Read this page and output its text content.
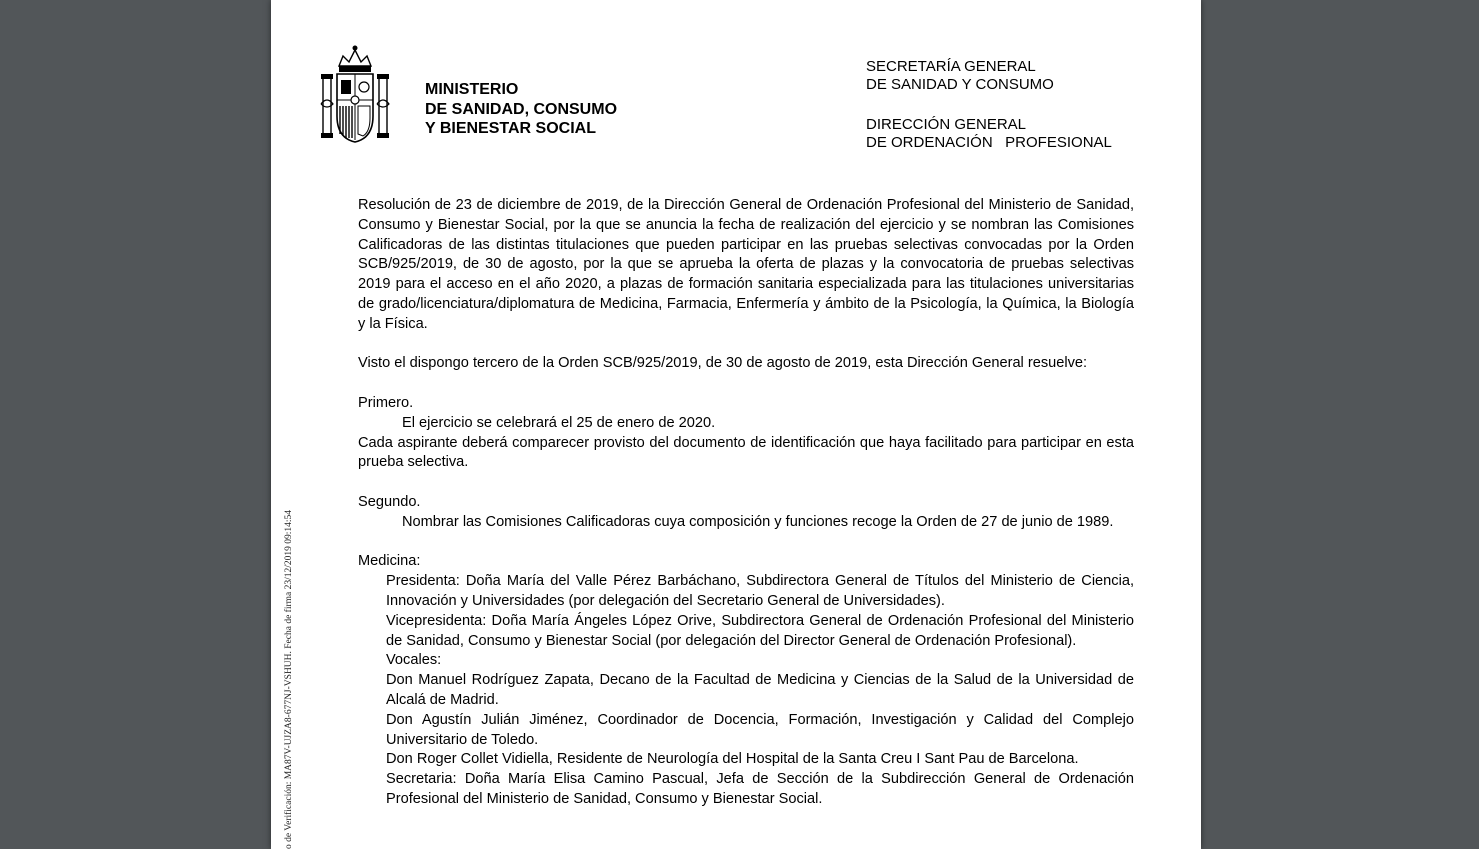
MINISTERIO
DE SANIDAD, CONSUMO
Y BIENESTAR SOCIAL
SECRETARÍA GENERAL
DE SANIDAD Y CONSUMO
DIRECCIÓN GENERAL
DE ORDENACIÓN   PROFESIONAL
o de Verificación: MA87V-UJZA8-677NJ-VSHUH. Fecha de firma 23/12/2019 09:14:54

Resolución de 23 de diciembre de 2019, de la Dirección General de Ordenación Profesional del Ministerio de Sanidad, Consumo y Bienestar Social, por la que se anuncia la fecha de realización del ejercicio y se nombran las Comisiones Calificadoras de las distintas titulaciones que pueden participar en las pruebas selectivas convocadas por la Orden SCB/925/2019, de 30 de agosto, por la que se aprueba la oferta de plazas y la convocatoria de pruebas selectivas 2019 para el acceso en el año 2020, a plazas de formación sanitaria especializada para las titulaciones universitarias de grado/licenciatura/diplomatura de Medicina, Farmacia, Enfermería y ámbito de la Psicología, la Química, la Biología y la Física.

Visto el dispongo tercero de la Orden SCB/925/2019, de 30 de agosto de 2019, esta Dirección General resuelve:

Primero.

El ejercicio se celebrará el 25 de enero de 2020.

Cada aspirante deberá comparecer provisto del documento de identificación que haya facilitado para participar en esta prueba selectiva.

Segundo.

Nombrar las Comisiones Calificadoras cuya composición y funciones recoge la Orden de 27 de junio de 1989.

Medicina:

Presidenta: Doña María del Valle Pérez Barbáchano, Subdirectora General de Títulos del Ministerio de Ciencia, Innovación y Universidades (por delegación del Secretario General de Universidades).

Vicepresidenta: Doña María Ángeles López Orive, Subdirectora General de Ordenación Profesional del Ministerio de Sanidad, Consumo y Bienestar Social (por delegación del Director General de Ordenación Profesional).

Vocales:

Don Manuel Rodríguez Zapata, Decano de la Facultad de Medicina y Ciencias de la Salud de la Universidad de Alcalá de Madrid.

Don Agustín Julián Jiménez, Coordinador de Docencia, Formación, Investigación y Calidad del Complejo Universitario de Toledo.

Don Roger Collet Vidiella, Residente de Neurología del Hospital de la Santa Creu I Sant Pau de Barcelona.

Secretaria: Doña María Elisa Camino Pascual, Jefa de Sección de la Subdirección General de Ordenación Profesional del Ministerio de Sanidad, Consumo y Bienestar Social.
